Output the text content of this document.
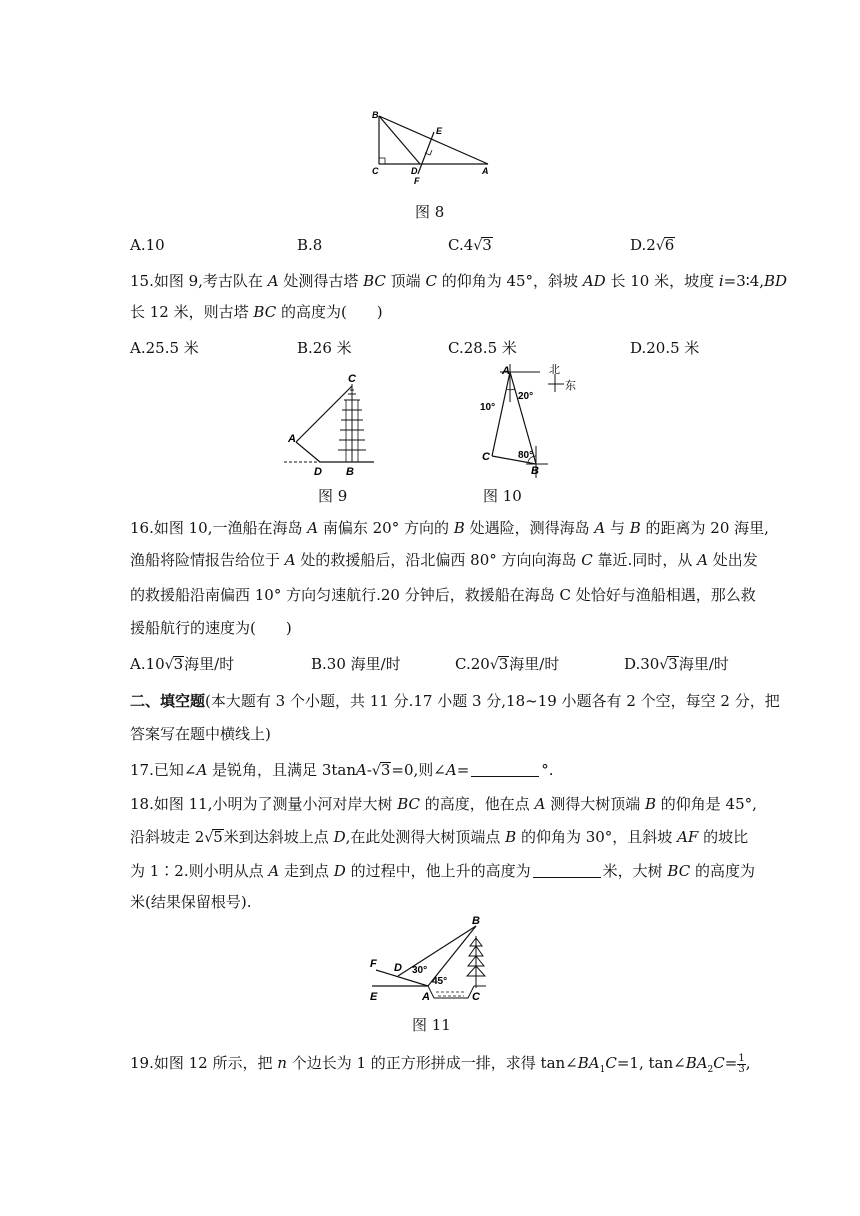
B
C	D
E
F
A
图 8
A.10	B.8	C.4√3	D.2√6
15.如图 9,考古队在 A 处测得古塔 BC 顶端 C 的仰角为 45°，斜坡 AD 长 10 米，坡度 i=3∶4,BD
长 12 米，则古塔 BC 的高度为(　　)
A.25.5 米	B.26 米	C.28.5 米	D.20.5 米
C
A
D B
图 9
北
东
A
20°
10°
C	80°
B
图 10
16.如图 10,一渔船在海岛 A 南偏东 20° 方向的 B 处遇险，测得海岛 A 与 B 的距离为 20 海里,
渔船将险情报告给位于 A 处的救援船后，沿北偏西 80° 方向向海岛 C 靠近.同时，从 A 处出发
的救援船沿南偏西 10° 方向匀速航行.20 分钟后，救援船在海岛 C 处恰好与渔船相遇，那么救
援船航行的速度为(　　)
A.10√3海里/时	B.30 海里/时	C.20√3海里/时	D.30√3海里/时
二、填空题(本大题有 3 个小题，共 11 分.17 小题 3 分,18~19 小题各有 2 个空，每空 2 分，把
答案写在题中横线上)
17.已知∠A 是锐角，且满足 3tanA-√3=0,则∠A=	°.
18.如图 11,小明为了测量小河对岸大树 BC 的高度，他在点 A 测得大树顶端 B 的仰角是 45°,
沿斜坡走 2√5米到达斜坡上点 D,在此处测得大树顶端点 B 的仰角为 30°，且斜坡 AF 的坡比
为 1∶2.则小明从点 A 走到点 D 的过程中，他上升的高度为	米，大树 BC 的高度为
米(结果保留根号).
B
F D 30°
45°
E	A	C
图 11
19.如图 12 所示，把 n 个边长为 1 的正方形拼成一排，求得 $\tan\angle BA_1C=1$, $\tan\angle BA_2C= \frac{1}{3}$ ,
